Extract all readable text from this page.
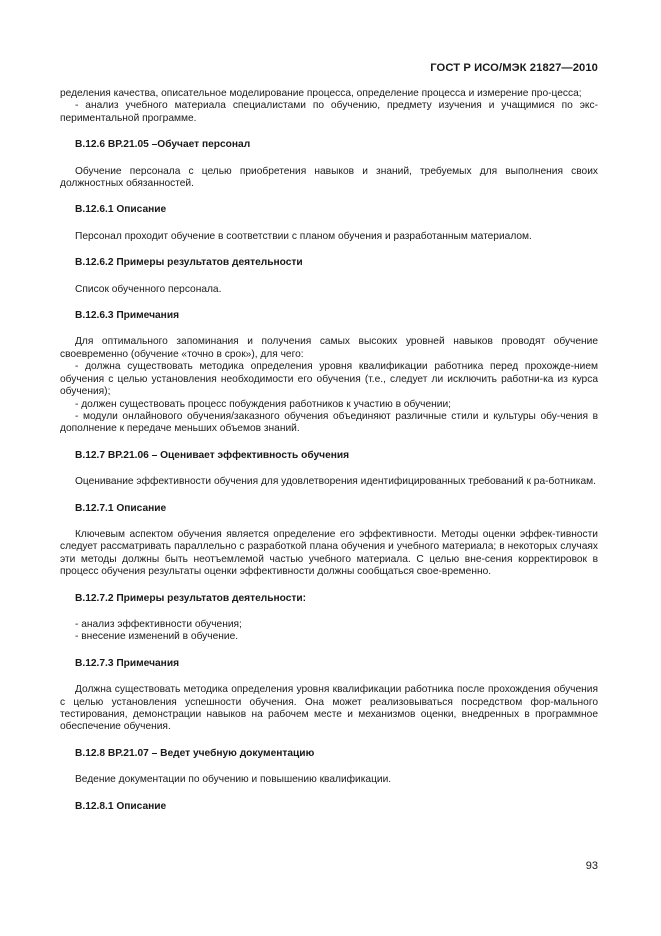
ГОСТ Р ИСО/МЭК 21827—2010

ределения качества, описательное моделирование процесса, определение процесса и измерение про-цесса;

- анализ учебного материала специалистами по обучению, предмету изучения и учащимися по экс-периментальной программе.

В.12.6 ВР.21.05 –Обучает персонал

Обучение персонала с целью приобретения навыков и знаний, требуемых для выполнения своих должностных обязанностей.

В.12.6.1 Описание

Персонал проходит обучение в соответствии с планом обучения и разработанным материалом.

В.12.6.2 Примеры результатов деятельности

Список обученного персонала.

В.12.6.3 Примечания

Для оптимального запоминания и получения самых высоких уровней навыков проводят обучение своевременно (обучение «точно в срок»), для чего:

- должна существовать методика определения уровня квалификации работника перед прохожде-нием обучения с целью установления необходимости его обучения (т.е., следует ли исключить работни-ка из курса обучения);

- должен существовать процесс побуждения работников к участию в обучении;

- модули онлайнового обучения/заказного обучения объединяют различные стили и культуры обу-чения в дополнение к передаче меньших объемов знаний.

В.12.7 ВР.21.06 – Оценивает эффективность обучения

Оценивание эффективности обучения для удовлетворения идентифицированных требований к ра-ботникам.

В.12.7.1 Описание

Ключевым аспектом обучения является определение его эффективности. Методы оценки эффек-тивности следует рассматривать параллельно с разработкой плана обучения и учебного материала; в некоторых случаях эти методы должны быть неотъемлемой частью учебного материала. С целью вне-сения корректировок в процесс обучения результаты оценки эффективности должны сообщаться свое-временно.

В.12.7.2 Примеры результатов деятельности:

- анализ эффективности обучения;

- внесение изменений в обучение.

В.12.7.3 Примечания

Должна существовать методика определения уровня квалификации работника после прохождения обучения с целью установления успешности обучения. Она может реализовываться посредством фор-мального тестирования, демонстрации навыков на рабочем месте и механизмов оценки, внедренных в программное обеспечение обучения.

В.12.8 ВР.21.07 – Ведет учебную документацию

Ведение документации по обучению и повышению квалификации.

В.12.8.1 Описание
93
